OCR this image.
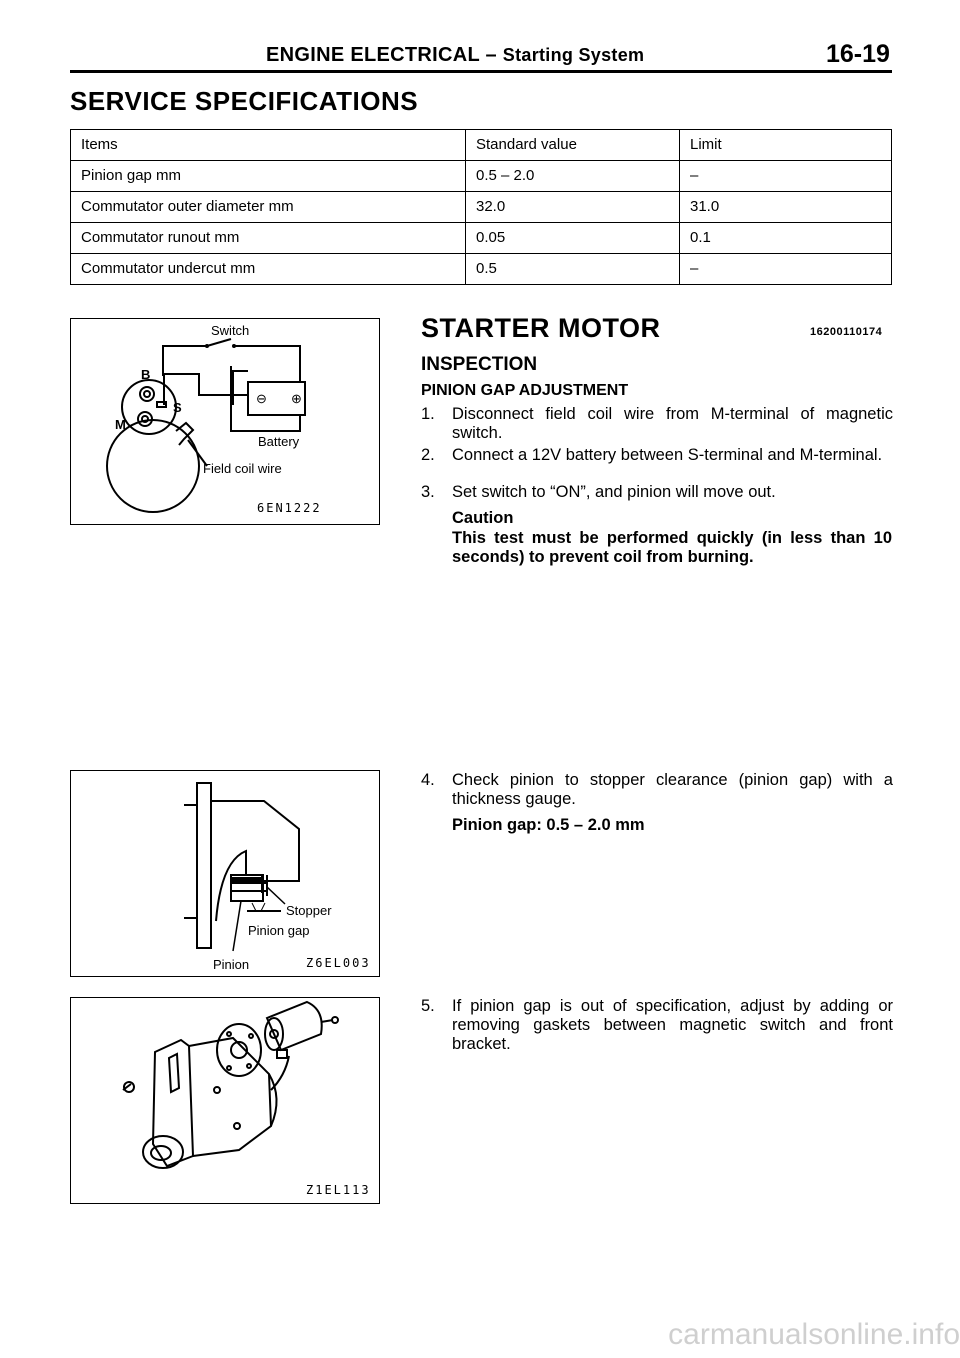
ENGINE ELECTRICAL – Starting System	16-19
SERVICE SPECIFICATIONS
Items	Standard value	Limit
Pinion gap mm	0.5 – 2.0	–
Commutator outer diameter mm	32.0	31.0
Commutator runout mm	0.05	0.1
Commutator undercut mm	0.5	–
Switch
B
S
M
⊖ ⊕
Battery
Field coil wire
6EN1222
STARTER MOTOR	16200110174
INSPECTION
PINION GAP ADJUSTMENT
1.	Disconnect field coil wire from M-terminal of magnetic switch.
2.	Connect a 12V battery between S-terminal and M-terminal.
3.	Set switch to “ON”, and pinion will move out.
Caution
This test must be performed quickly (in less than 10 seconds) to prevent coil from burning.
Stopper
Pinion gap
Pinion	Z6EL003
4.	Check pinion to stopper clearance (pinion gap) with a thickness gauge.
Pinion gap: 0.5 – 2.0 mm
Z1EL113
5.	If pinion gap is out of specification, adjust by adding or removing gaskets between magnetic switch and front bracket.
carmanualsonline.info
